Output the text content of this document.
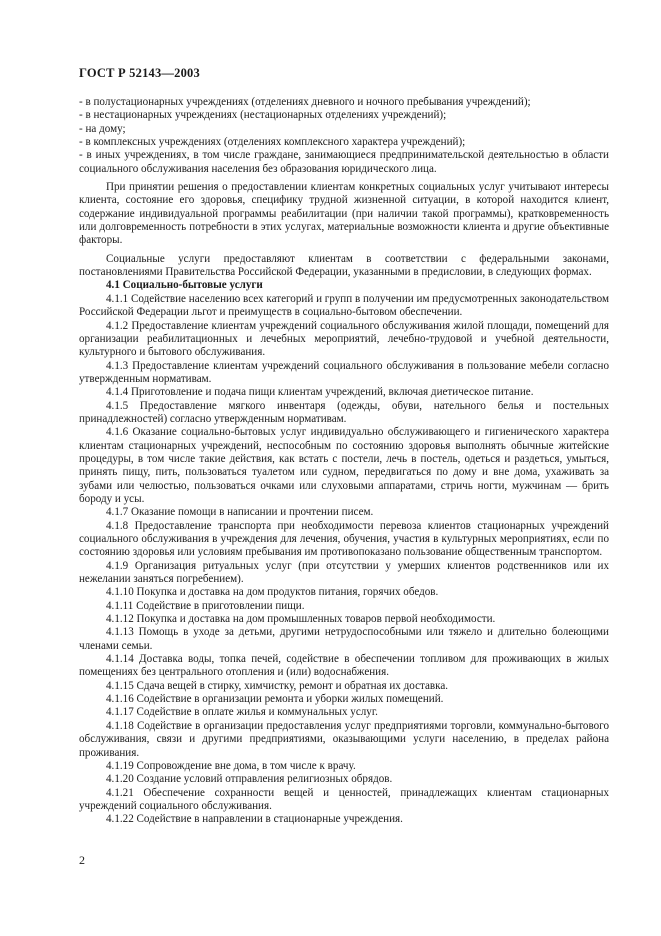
ГОСТ Р 52143—2003

- в полустационарных учреждениях (отделениях дневного и ночного пребывания учреждений);

- в нестационарных учреждениях (нестационарных отделениях учреждений);

- на дому;

- в комплексных учреждениях (отделениях комплексного характера учреждений);

- в иных учреждениях, в том числе граждане, занимающиеся предпринимательской деятельностью в области социального обслуживания населения без образования юридического лица.

При принятии решения о предоставлении клиентам конкретных социальных услуг учитывают интересы клиента, состояние его здоровья, специфику трудной жизненной ситуации, в которой находится клиент, содержание индивидуальной программы реабилитации (при наличии такой программы), кратковременность или долговременность потребности в этих услугах, материальные возможности клиента и другие объективные факторы.

Социальные услуги предоставляют клиентам в соответствии с федеральными законами, постановлениями Правительства Российской Федерации, указанными в предисловии, в следующих формах.

4.1 Социально-бытовые услуги

4.1.1 Содействие населению всех категорий и групп в получении им предусмотренных законодательством Российской Федерации льгот и преимуществ в социально-бытовом обеспечении.

4.1.2 Предоставление клиентам учреждений социального обслуживания жилой площади, помещений для организации реабилитационных и лечебных мероприятий, лечебно-трудовой и учебной деятельности, культурного и бытового обслуживания.

4.1.3 Предоставление клиентам учреждений социального обслуживания в пользование мебели согласно утвержденным нормативам.

4.1.4 Приготовление и подача пищи клиентам учреждений, включая диетическое питание.

4.1.5 Предоставление мягкого инвентаря (одежды, обуви, нательного белья и постельных принадлежностей) согласно утвержденным нормативам.

4.1.6 Оказание социально-бытовых услуг индивидуально обслуживающего и гигиенического характера клиентам стационарных учреждений, неспособным по состоянию здоровья выполнять обычные житейские процедуры, в том числе такие действия, как встать с постели, лечь в постель, одеться и раздеться, умыться, принять пищу, пить, пользоваться туалетом или судном, передвигаться по дому и вне дома, ухаживать за зубами или челюстью, пользоваться очками или слуховыми аппаратами, стричь ногти, мужчинам — брить бороду и усы.

4.1.7 Оказание помощи в написании и прочтении писем.

4.1.8 Предоставление транспорта при необходимости перевоза клиентов стационарных учреждений социального обслуживания в учреждения для лечения, обучения, участия в культурных мероприятиях, если по состоянию здоровья или условиям пребывания им противопоказано пользование общественным транспортом.

4.1.9 Организация ритуальных услуг (при отсутствии у умерших клиентов родственников или их нежелании заняться погребением).

4.1.10 Покупка и доставка на дом продуктов питания, горячих обедов.

4.1.11 Содействие в приготовлении пищи.

4.1.12 Покупка и доставка на дом промышленных товаров первой необходимости.

4.1.13 Помощь в уходе за детьми, другими нетрудоспособными или тяжело и длительно болеющими членами семьи.

4.1.14 Доставка воды, топка печей, содействие в обеспечении топливом для проживающих в жилых помещениях без центрального отопления и (или) водоснабжения.

4.1.15 Сдача вещей в стирку, химчистку, ремонт и обратная их доставка.

4.1.16 Содействие в организации ремонта и уборки жилых помещений.

4.1.17 Содействие в оплате жилья и коммунальных услуг.

4.1.18 Содействие в организации предоставления услуг предприятиями торговли, коммунально-бытового обслуживания, связи и другими предприятиями, оказывающими услуги населению, в пределах района проживания.

4.1.19 Сопровождение вне дома, в том числе к врачу.

4.1.20 Создание условий отправления религиозных обрядов.

4.1.21 Обеспечение сохранности вещей и ценностей, принадлежащих клиентам стационарных учреждений социального обслуживания.

4.1.22 Содействие в направлении в стационарные учреждения.

2
